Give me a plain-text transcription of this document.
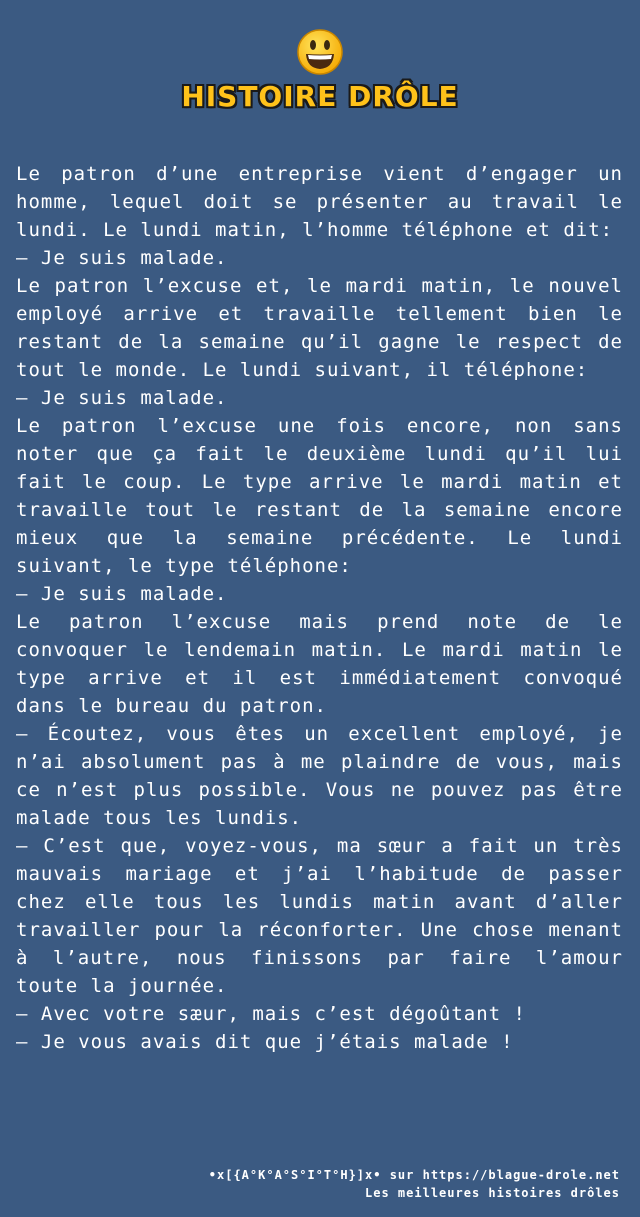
HISTOIRE DRÔLE

Le patron d’une entreprise vient d’engager un homme, lequel doit se présenter au travail le lundi. Le lundi matin, l’homme téléphone et dit:

– Je suis malade.

Le patron l’excuse et, le mardi matin, le nouvel employé arrive et travaille tellement bien le restant de la semaine qu’il gagne le respect de tout le monde. Le lundi suivant, il téléphone:

– Je suis malade.

Le patron l’excuse une fois encore, non sans noter que ça fait le deuxième lundi qu’il lui fait le coup. Le type arrive le mardi matin et travaille tout le restant de la semaine encore mieux que la semaine précédente. Le lundi suivant, le type téléphone:

– Je suis malade.

Le patron l’excuse mais prend note de le convoquer le lendemain matin. Le mardi matin le type arrive et il est immédiatement convoqué dans le bureau du patron.

– Écoutez, vous êtes un excellent employé, je n’ai absolument pas à me plaindre de vous, mais ce n’est plus possible. Vous ne pouvez pas être malade tous les lundis.

– C’est que, voyez-vous, ma sœur a fait un très mauvais mariage et j’ai l’habitude de passer chez elle tous les lundis matin avant d’aller travailler pour la réconforter. Une chose menant à l’autre, nous finissons par faire l’amour toute la journée.

– Avec votre sæur, mais c’est dégoûtant !

– Je vous avais dit que j’étais malade !

•x[{A°K°A°S°I°T°H}]x• sur https://blague-drole.net
Les meilleures histoires drôles
